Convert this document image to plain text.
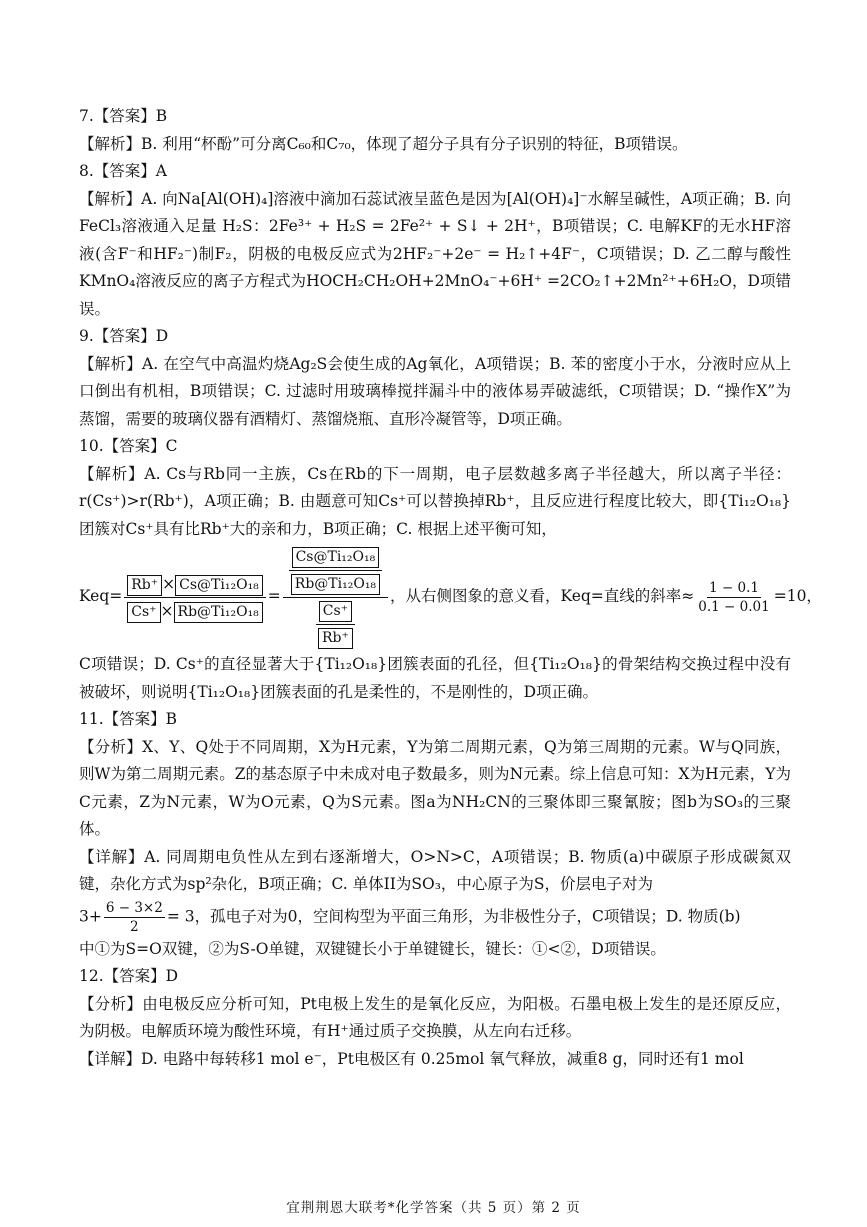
7.【答案】B

【解析】B. 利用“杯酚”可分离C₆₀和C₇₀，体现了超分子具有分子识别的特征，B项错误。

8.【答案】A

【解析】A. 向Na[Al(OH)₄]溶液中滴加石蕊试液呈蓝色是因为[Al(OH)₄]⁻水解呈碱性，A项正确；B. 向 FeCl₃溶液通入足量 H₂S：2Fe³⁺ + H₂S = 2Fe²⁺ + S↓ + 2H⁺，B项错误；C. 电解KF的无水HF溶液(含F⁻和HF₂⁻)制F₂，阴极的电极反应式为2HF₂⁻+2e⁻ = H₂↑+4F⁻，C项错误；D. 乙二醇与酸性KMnO₄溶液反应的离子方程式为HOCH₂CH₂OH+2MnO₄⁻+6H⁺ =2CO₂↑+2Mn²⁺+6H₂O，D项错误。

9.【答案】D

【解析】A. 在空气中高温灼烧Ag₂S会使生成的Ag氧化，A项错误；B. 苯的密度小于水，分液时应从上口倒出有机相，B项错误；C. 过滤时用玻璃棒搅拌漏斗中的液体易弄破滤纸，C项错误；D. “操作X”为蒸馏，需要的玻璃仪器有酒精灯、蒸馏烧瓶、直形冷凝管等，D项正确。

10.【答案】C

【解析】A. Cs与Rb同一主族，Cs在Rb的下一周期，电子层数越多离子半径越大，所以离子半径：r(Cs⁺)>r(Rb⁺)，A项正确；B. 由题意可知Cs⁺可以替换掉Rb⁺，且反应进行程度比较大，即{Ti₁₂O₁₈}团簇对Cs⁺具有比Rb⁺大的亲和力，B项正确；C. 根据上述平衡可知，

$Keq= \frac{\text{Rb⁺ × Cs@Ti₁₂O₁₈}}{\text{Cs⁺ × Rb@Ti₁₂O₁₈}} = \frac{\frac{\text{Cs@Ti₁₂O₁₈}}{\text{Rb@Ti₁₂O₁₈}}}{\frac{Cs^+}{Rb^+}}$ ，从右侧图象的意义看，Keq=直线的斜率≈ $\frac{1 - 0.1}{0.1 - 0.01} =10$，

C项错误；D. Cs⁺的直径显著大于{Ti₁₂O₁₈}团簇表面的孔径，但{Ti₁₂O₁₈}的骨架结构交换过程中没有被破坏，则说明{Ti₁₂O₁₈}团簇表面的孔是柔性的，不是刚性的，D项正确。

11.【答案】B

【分析】X、Y、Q处于不同周期，X为H元素，Y为第二周期元素，Q为第三周期的元素。W与Q同族，则W为第二周期元素。Z的基态原子中未成对电子数最多，则为N元素。综上信息可知：X为H元素，Y为C元素，Z为N元素，W为O元素，Q为S元素。图a为NH₂CN的三聚体即三聚氰胺；图b为SO₃的三聚体。

【详解】A. 同周期电负性从左到右逐渐增大，O>N>C，A项错误；B. 物质(a)中碳原子形成碳氮双键，杂化方式为sp²杂化，B项正确；C. 单体II为SO₃，中心原子为S，价层电子对为
$3+ \frac{6 - 3\times 2}{2} = 3$，孤电子对为0，空间构型为平面三角形，为非极性分子，C项错误；D. 物质(b)

中①为S=O双键，②为S-O单键，双键键长小于单键键长，键长：①<②，D项错误。

12.【答案】D

【分析】由电极反应分析可知，Pt电极上发生的是氧化反应，为阳极。石墨电极上发生的是还原反应，为阴极。电解质环境为酸性环境，有H⁺通过质子交换膜，从左向右迁移。

【详解】D. 电路中每转移1 mol e⁻，Pt电极区有 0.25mol 氧气释放，减重8 g，同时还有1 mol

宜荆荆恩大联考*化学答案（共 5 页）第 2 页
